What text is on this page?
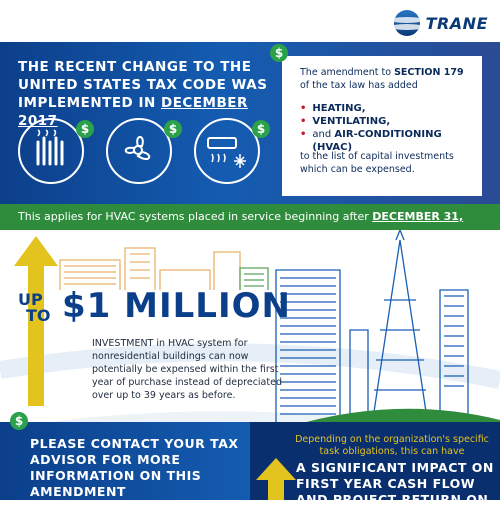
TRANE
THE RECENT CHANGE TO THE
UNITED STATES TAX CODE WAS
IMPLEMENTED IN DECEMBER 2017	$	$	$
$
The amendment to SECTION 179
of the tax law has added
• HEATING,
• VENTILATING,
• and AIR-CONDITIONING (HVAC)
to the list of capital investments which can be expensed.
This applies for HVAC systems placed in service beginning after DECEMBER 31,
UP
TO $1 MILLION
INVESTMENT in HVAC system for nonresidential buildings can now potentially be expensed within the first year of purchase instead of depreciated over up to 39 years as before.
$
PLEASE CONTACT YOUR TAX ADVISOR FOR MORE INFORMATION ON THIS AMENDMENT
Depending on the organization's specific task obligations, this can have
A SIGNIFICANT IMPACT ON FIRST YEAR CASH FLOW AND PROJECT RETURN ON
